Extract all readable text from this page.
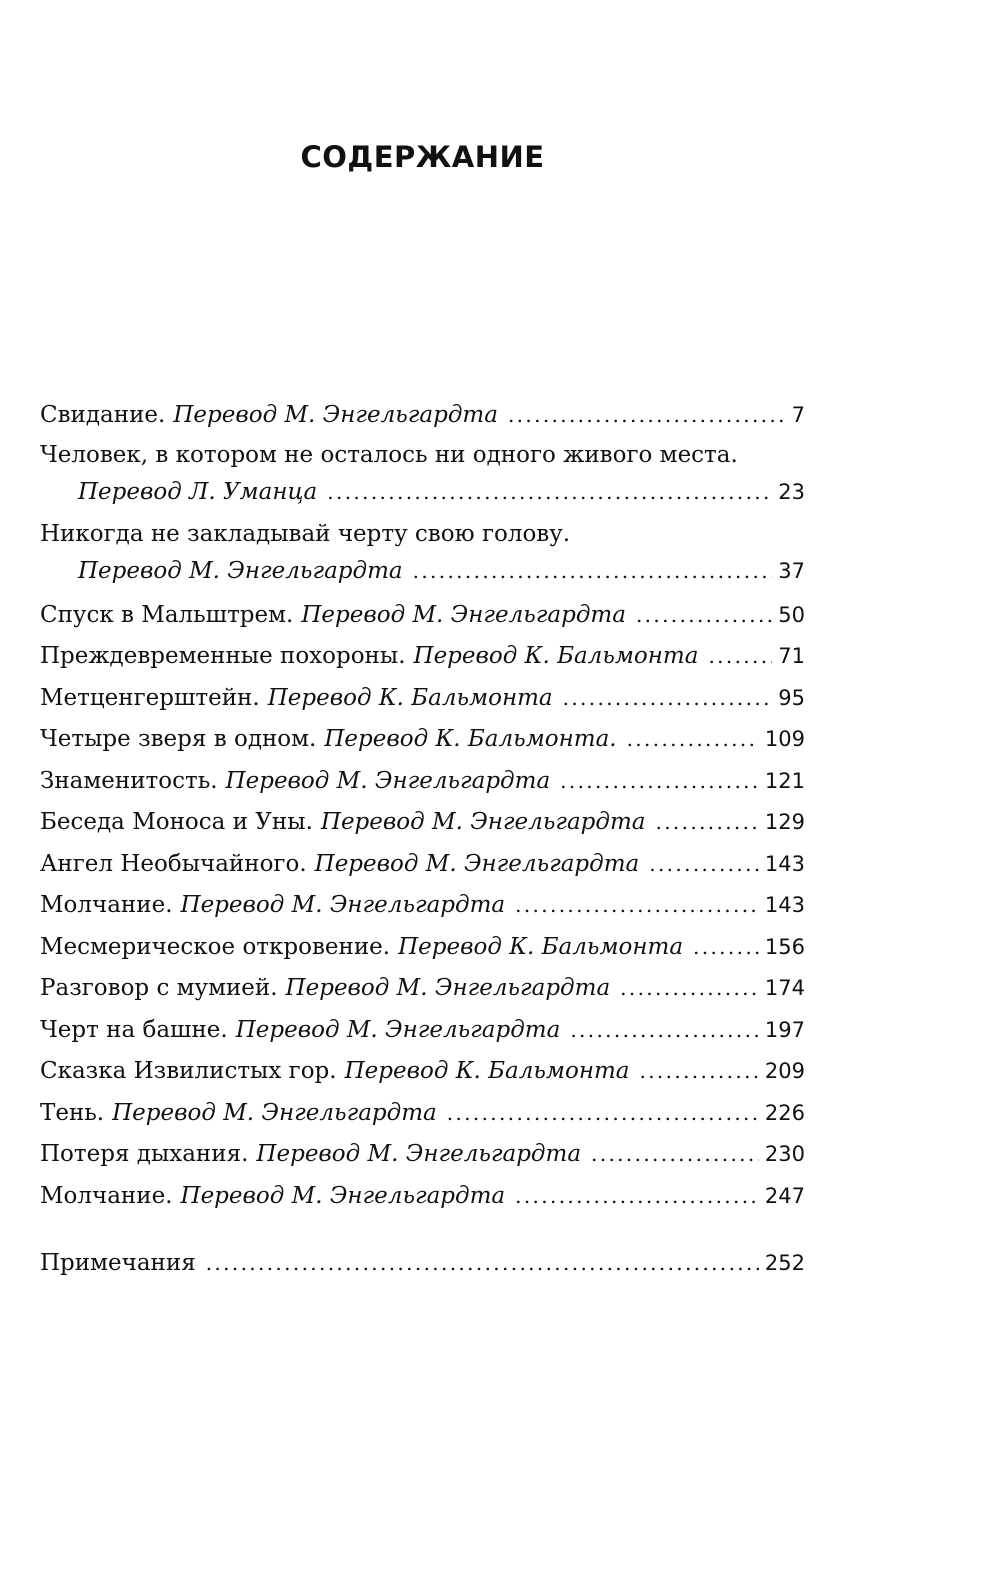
СОДЕРЖАНИЕ
Свидание. Перевод М. Энгельгардта . . .	7
Человек, в котором не осталось ни одного живого места.
Перевод Л. Уманца . . .	23
Никогда не закладывай черту свою голову.
Перевод М. Энгельгардта . . .	37
Спуск в Мальштрем. Перевод М. Энгельгардта . . .	50
Преждевременные похороны. Перевод К. Бальмонта . . .	71
Метценгерштейн. Перевод К. Бальмонта . . .	95
Четыре зверя в одном. Перевод К. Бальмонта. . . .	109
Знаменитость. Перевод М. Энгельгардта . . .	121
Беседа Моноса и Уны. Перевод М. Энгельгардта . . .	129
Ангел Необычайного. Перевод М. Энгельгардта . . .	143
Молчание. Перевод М. Энгельгардта . . .	143
Месмерическое откровение. Перевод К. Бальмонта . . .	156
Разговор с мумией. Перевод М. Энгельгардта . . .	174
Черт на башне. Перевод М. Энгельгардта . . .	197
Сказка Извилистых гор. Перевод К. Бальмонта . . .	209
Тень. Перевод М. Энгельгардта . . .	226
Потеря дыхания. Перевод М. Энгельгардта . . .	230
Молчание. Перевод М. Энгельгардта . . .	247
Примечания . . .	252
